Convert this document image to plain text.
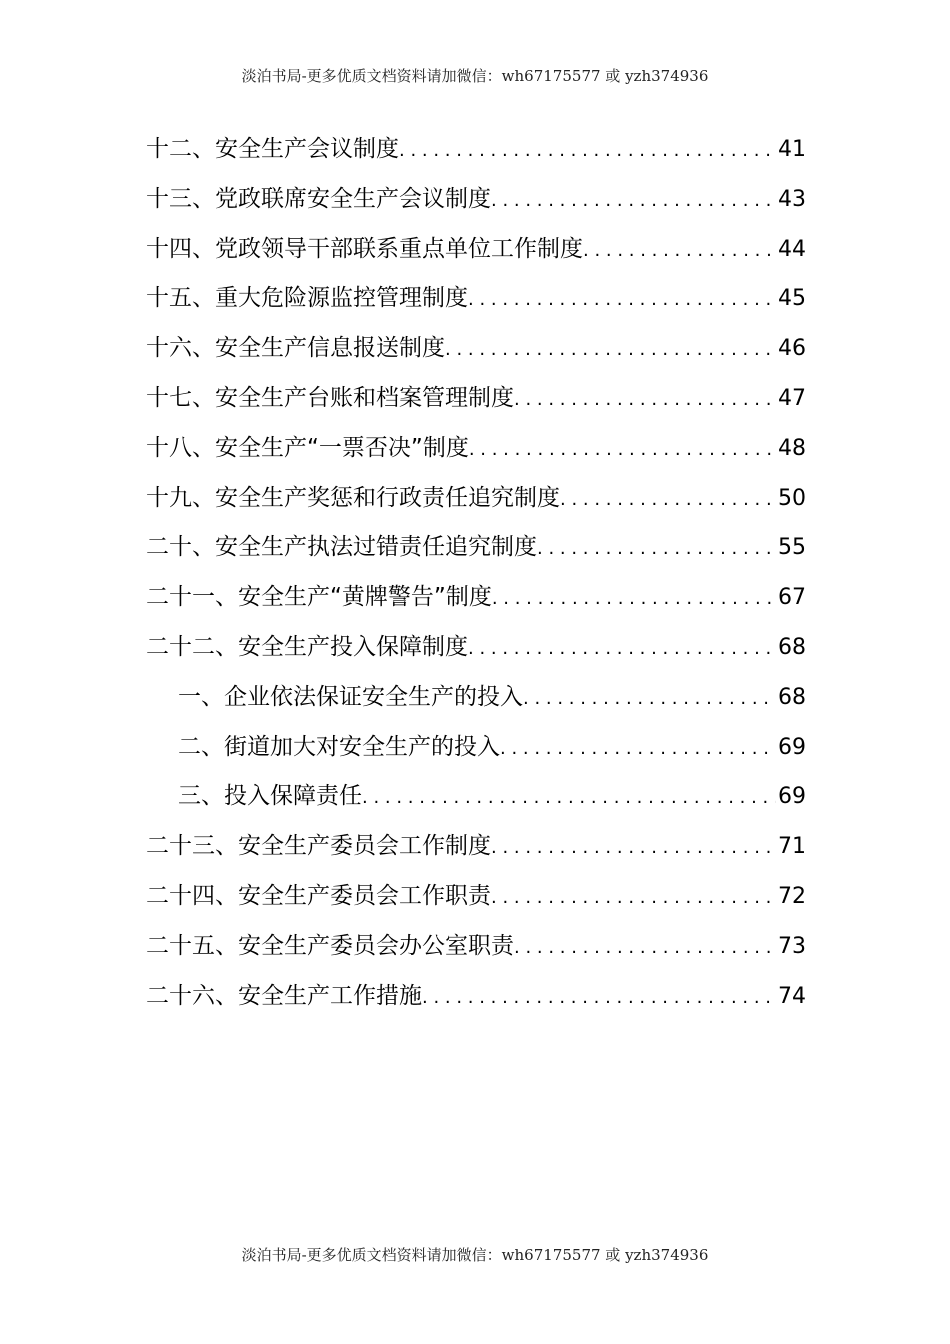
淡泊书局-更多优质文档资料请加微信：wh67175577 或 yzh374936
十二、安全生产会议制度 . . .	41
十三、党政联席安全生产会议制度 . . .	43
十四、党政领导干部联系重点单位工作制度 . . .	44
十五、重大危险源监控管理制度 . . .	45
十六、安全生产信息报送制度 . . .	46
十七、安全生产台账和档案管理制度 . . .	47
十八、安全生产“一票否决”制度 . . .	48
十九、安全生产奖惩和行政责任追究制度 . . .	50
二十、安全生产执法过错责任追究制度 . . .	55
二十一、安全生产“黄牌警告”制度 . . .	67
二十二、安全生产投入保障制度 . . .	68
一、企业依法保证安全生产的投入 . . .	68
二、街道加大对安全生产的投入 . . .	69
三、投入保障责任 . . .	69
二十三、安全生产委员会工作制度 . . .	71
二十四、安全生产委员会工作职责 . . .	72
二十五、安全生产委员会办公室职责 . . .	73
二十六、安全生产工作措施 . . .	74
淡泊书局-更多优质文档资料请加微信：wh67175577 或 yzh374936
